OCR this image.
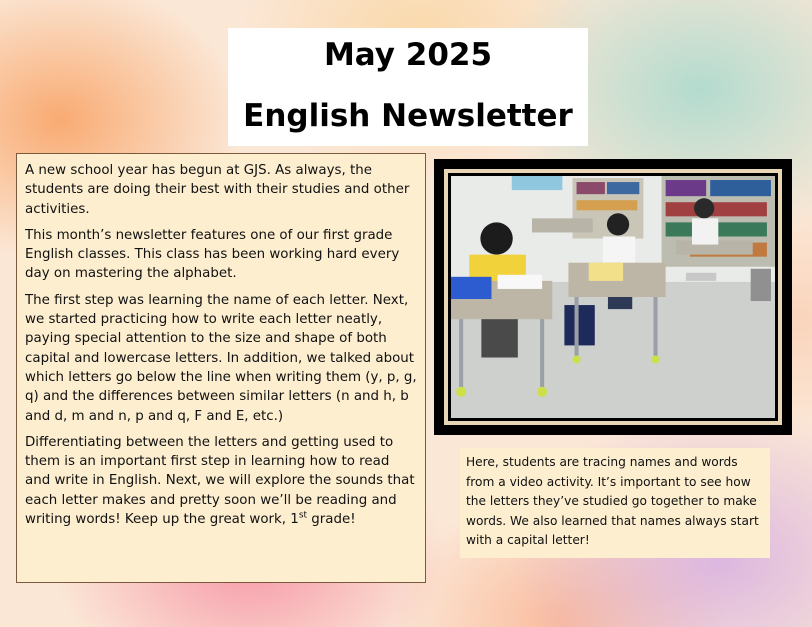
May 2025

English Newsletter

A new school year has begun at GJS. As always, the students are doing their best with their studies and other activities.

This month’s newsletter features one of our first grade English classes. This class has been working hard every day on mastering the alphabet.

The first step was learning the name of each letter. Next, we started practicing how to write each letter neatly, paying special attention to the size and shape of both capital and lowercase letters. In addition, we talked about which letters go below the line when writing them (y, p, g, q) and the differences between similar letters (n and h, b and d, m and n, p and q, F and E, etc.)

Differentiating between the letters and getting used to them is an important first step in learning how to read and write in English. Next, we will explore the sounds that each letter makes and pretty soon we’ll be reading and writing words! Keep up the great work, 1st grade!

Here, students are tracing names and words from a video activity. It’s important to see how the letters they’ve studied go together to make words. We also learned that names always start with a capital letter!
